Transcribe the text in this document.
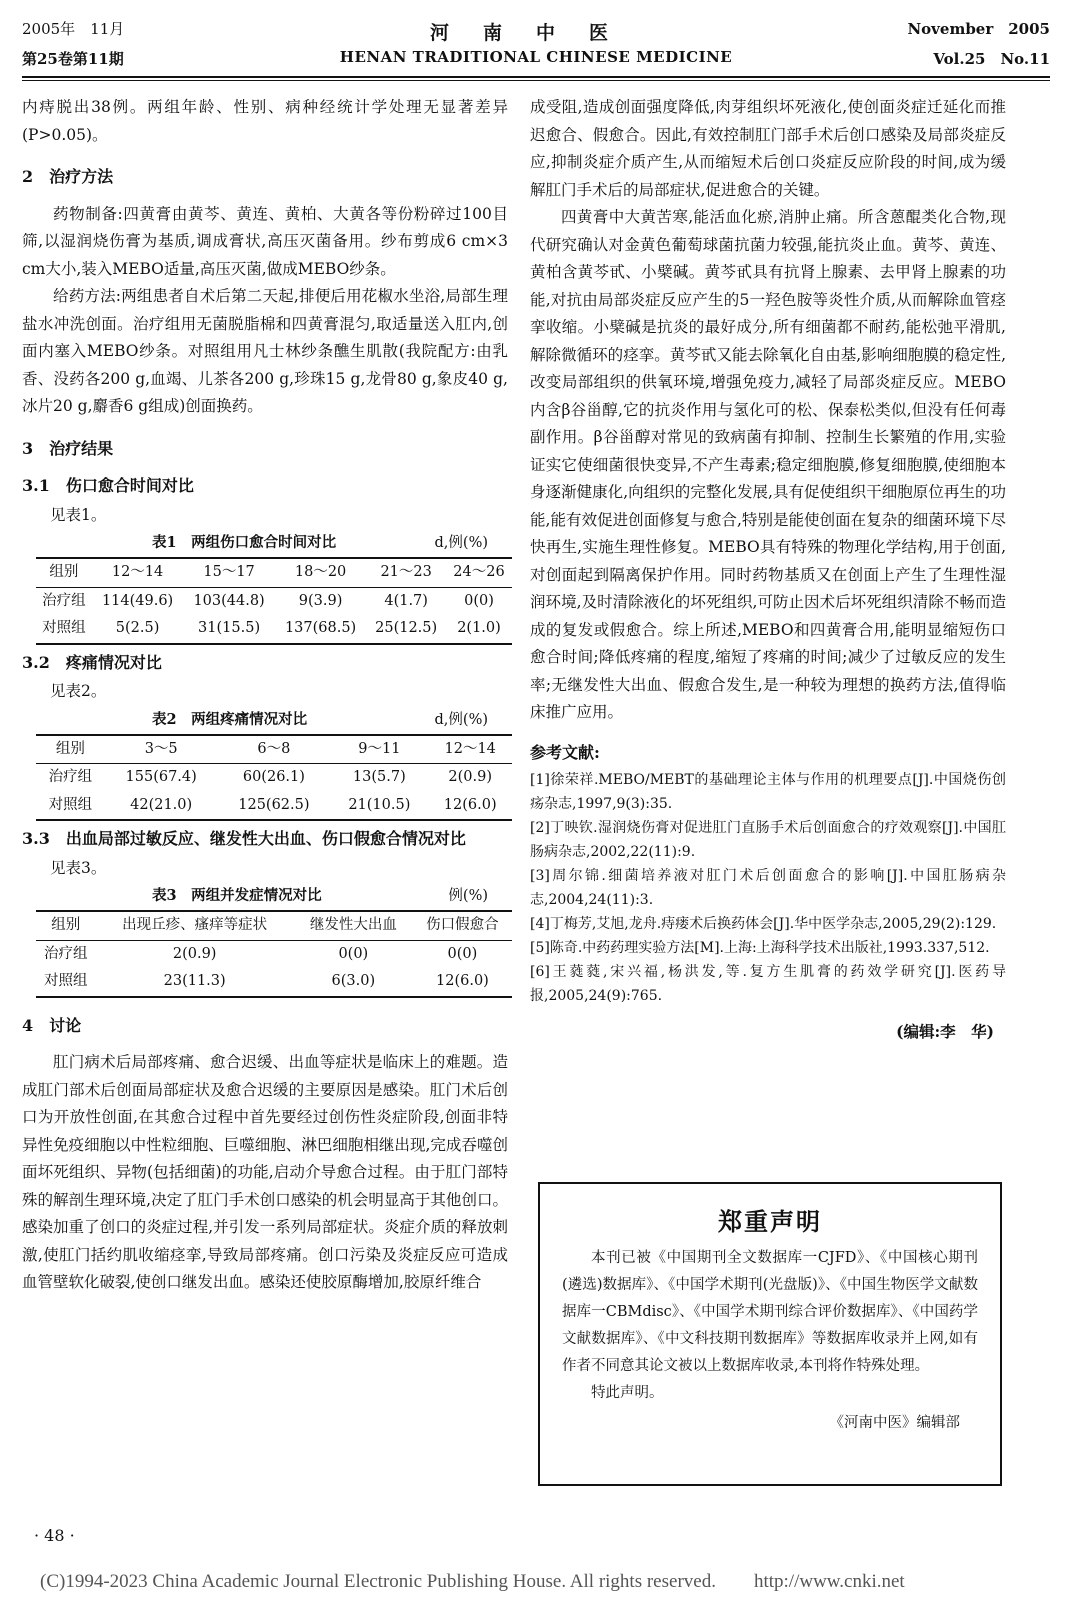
2005年　11月	河南中医	November　2005
第25卷第11期	HENAN TRADITIONAL CHINESE MEDICINE	Vol.25　No.11

内痔脱出38例。两组年龄、性别、病种经统计学处理无显著差异(P>0.05)。

2　治疗方法

药物制备:四黄膏由黄芩、黄连、黄柏、大黄各等份粉碎过100目筛,以湿润烧伤膏为基质,调成膏状,高压灭菌备用。纱布剪成6 cm×3 cm大小,装入MEBO适量,高压灭菌,做成MEBO纱条。

给药方法:两组患者自术后第二天起,排便后用花椒水坐浴,局部生理盐水冲洗创面。治疗组用无菌脱脂棉和四黄膏混匀,取适量送入肛内,创面内塞入MEBO纱条。对照组用凡士林纱条醮生肌散(我院配方:由乳香、没药各200 g,血竭、儿茶各200 g,珍珠15 g,龙骨80 g,象皮40 g,冰片20 g,麝香6 g组成)创面换药。

3　治疗结果
3.1　伤口愈合时间对比
见表1。
表1　两组伤口愈合时间对比	d,例(%)
组别	12～14	15～17	18～20	21～23	24～26
治疗组	114(49.6)	103(44.8)	9(3.9)	4(1.7)	0(0)
对照组	5(2.5)	31(15.5)	137(68.5)	25(12.5)	2(1.0)
3.2　疼痛情况对比
见表2。
表2　两组疼痛情况对比	d,例(%)
组别	3～5	6～8	9～11	12～14
治疗组	155(67.4)	60(26.1)	13(5.7)	2(0.9)
对照组	42(21.0)	125(62.5)	21(10.5)	12(6.0)
3.3　出血局部过敏反应、继发性大出血、伤口假愈合情况对比
见表3。
表3　两组并发症情况对比	例(%)
组别	出现丘疹、瘙痒等症状	继发性大出血	伤口假愈合
治疗组	2(0.9)	0(0)	0(0)
对照组	23(11.3)	6(3.0)	12(6.0)
4　讨论

肛门病术后局部疼痛、愈合迟缓、出血等症状是临床上的难题。造成肛门部术后创面局部症状及愈合迟缓的主要原因是感染。肛门术后创口为开放性创面,在其愈合过程中首先要经过创伤性炎症阶段,创面非特异性免疫细胞以中性粒细胞、巨噬细胞、淋巴细胞相继出现,完成吞噬创面坏死组织、异物(包括细菌)的功能,启动介导愈合过程。由于肛门部特殊的解剖生理环境,决定了肛门手术创口感染的机会明显高于其他创口。感染加重了创口的炎症过程,并引发一系列局部症状。炎症介质的释放刺激,使肛门括约肌收缩痉挛,导致局部疼痛。创口污染及炎症反应可造成血管壁软化破裂,使创口继发出血。感染还使胶原酶增加,胶原纤维合

成受阻,造成创面强度降低,肉芽组织坏死液化,使创面炎症迁延化而推迟愈合、假愈合。因此,有效控制肛门部手术后创口感染及局部炎症反应,抑制炎症介质产生,从而缩短术后创口炎症反应阶段的时间,成为缓解肛门手术后的局部症状,促进愈合的关键。

四黄膏中大黄苦寒,能活血化瘀,消肿止痛。所含蒽醌类化合物,现代研究确认对金黄色葡萄球菌抗菌力较强,能抗炎止血。黄芩、黄连、黄柏含黄芩甙、小檗碱。黄芩甙具有抗肾上腺素、去甲肾上腺素的功能,对抗由局部炎症反应产生的5一羟色胺等炎性介质,从而解除血管痉挛收缩。小檗碱是抗炎的最好成分,所有细菌都不耐药,能松弛平滑肌,解除微循环的痉挛。黄芩甙又能去除氧化自由基,影响细胞膜的稳定性,改变局部组织的供氧环境,增强免疫力,减轻了局部炎症反应。MEBO内含β谷甾醇,它的抗炎作用与氢化可的松、保泰松类似,但没有任何毒副作用。β谷甾醇对常见的致病菌有抑制、控制生长繁殖的作用,实验证实它使细菌很快变异,不产生毒素;稳定细胞膜,修复细胞膜,使细胞本身逐渐健康化,向组织的完整化发展,具有促使组织干细胞原位再生的功能,能有效促进创面修复与愈合,特别是能使创面在复杂的细菌环境下尽快再生,实施生理性修复。MEBO具有特殊的物理化学结构,用于创面,对创面起到隔离保护作用。同时药物基质又在创面上产生了生理性湿润环境,及时清除液化的坏死组织,可防止因术后坏死组织清除不畅而造成的复发或假愈合。综上所述,MEBO和四黄膏合用,能明显缩短伤口愈合时间;降低疼痛的程度,缩短了疼痛的时间;减少了过敏反应的发生率;无继发性大出血、假愈合发生,是一种较为理想的换药方法,值得临床推广应用。

参考文献:
[1]徐荣祥.MEBO/MEBT的基础理论主体与作用的机理要点[J].中国烧伤创疡杂志,1997,9(3):35.
[2]丁映钦.湿润烧伤膏对促进肛门直肠手术后创面愈合的疗效观察[J].中国肛肠病杂志,2002,22(11):9.
[3]周尔锦.细菌培养液对肛门术后创面愈合的影响[J].中国肛肠病杂志,2004,24(11):3.
[4]丁梅芳,艾旭,龙舟.痔瘘术后换药体会[J].华中医学杂志,2005,29(2):129.
[5]陈奇.中药药理实验方法[M].上海:上海科学技术出版社,1993.337,512.
[6]王蕤蕤,宋兴福,杨洪发,等.复方生肌膏的药效学研究[J].医药导报,2005,24(9):765.
(编辑:李　华)
郑重声明

本刊已被《中国期刊全文数据库一CJFD》、《中国核心期刊(遴选)数据库》、《中国学术期刊(光盘版)》、《中国生物医学文献数据库一CBMdisc》、《中国学术期刊综合评价数据库》、《中国药学文献数据库》、《中文科技期刊数据库》等数据库收录并上网,如有作者不同意其论文被以上数据库收录,本刊将作特殊处理。

特此声明。

《河南中医》编辑部
· 48 ·
(C)1994-2023 China Academic Journal Electronic Publishing House. All rights reserved.　　http://www.cnki.net
